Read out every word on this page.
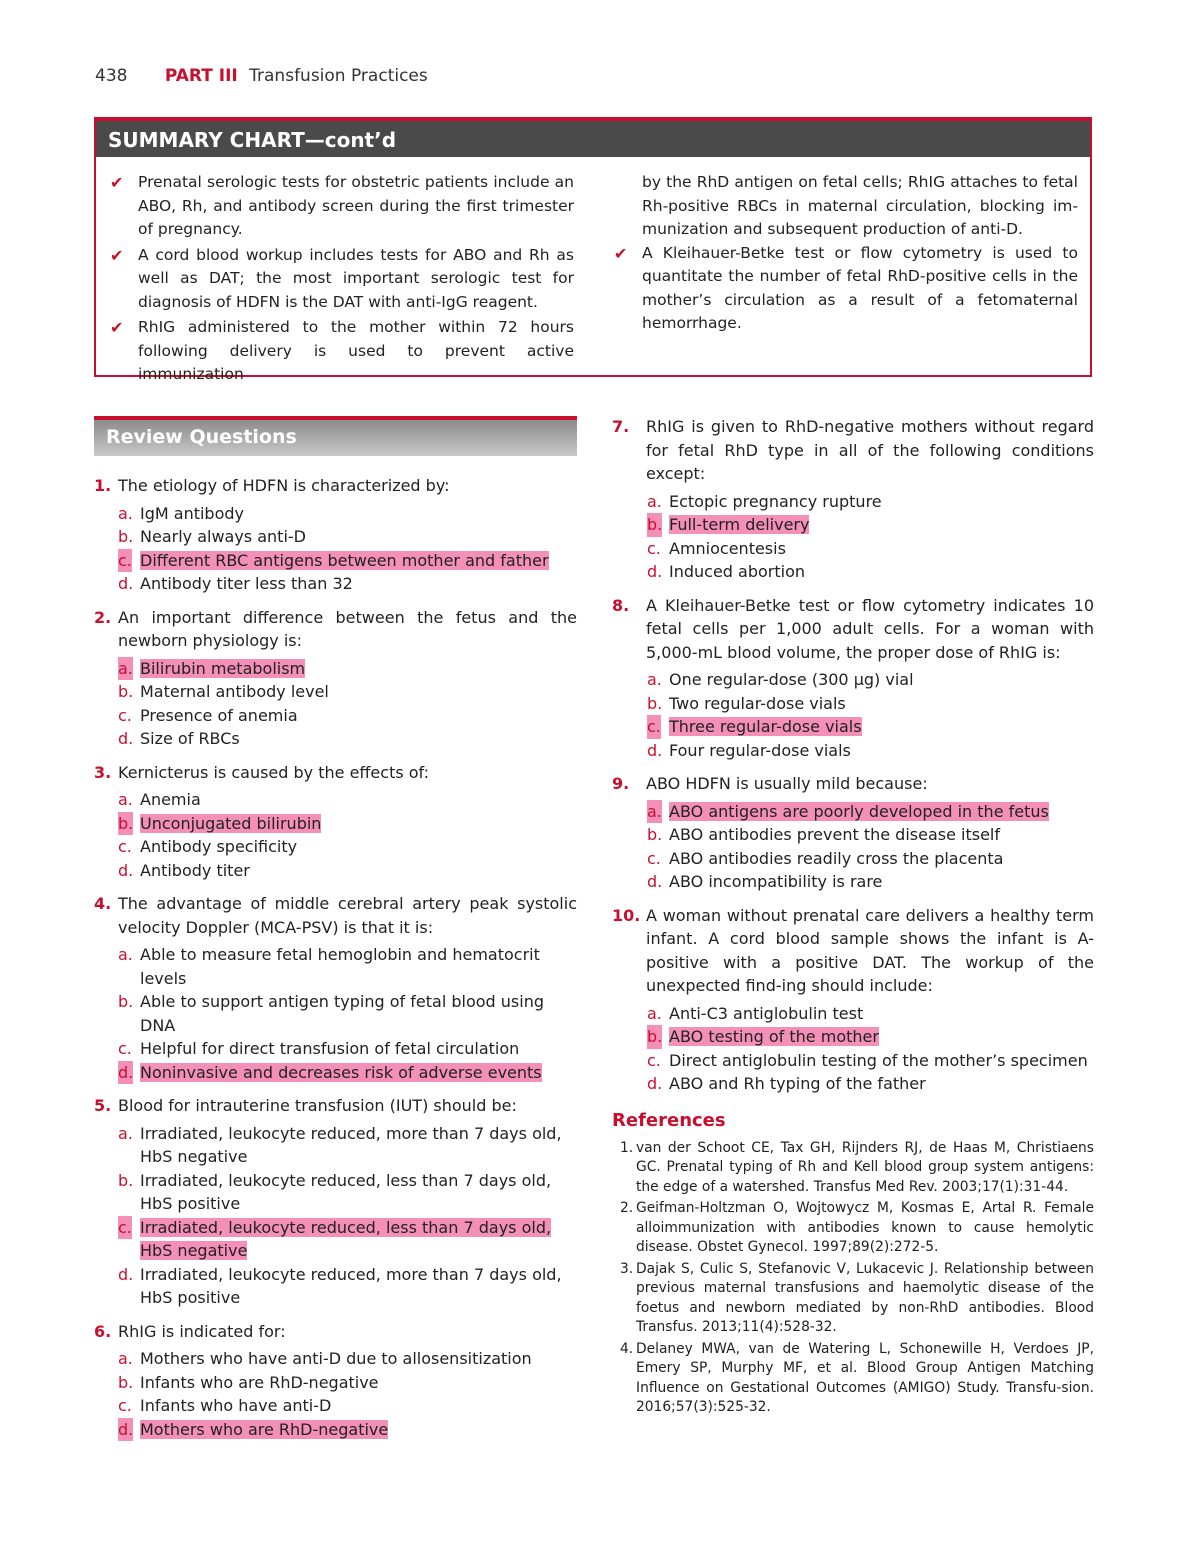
438 PART III Transfusion Practices
SUMMARY CHART—cont’d
✔ Prenatal serologic tests for obstetric patients include an ABO, Rh, and antibody screen during the first trimester of pregnancy.
✔ A cord blood workup includes tests for ABO and Rh as well as DAT; the most important serologic test for diagnosis of HDFN is the DAT with anti-IgG reagent.
✔ RhIG administered to the mother within 72 hours following delivery is used to prevent active immunization
by the RhD antigen on fetal cells; RhIG attaches to fetal Rh-positive RBCs in maternal circulation, blocking im-munization and subsequent production of anti-D.
✔ A Kleihauer-Betke test or flow cytometry is used to quantitate the number of fetal RhD-positive cells in the mother’s circulation as a result of a fetomaternal hemorrhage.
Review Questions
1. The etiology of HDFN is characterized by:
a. IgM antibody
b. Nearly always anti-D
c. Different RBC antigens between mother and father
d. Antibody titer less than 32
2. An important difference between the fetus and the newborn physiology is:
a. Bilirubin metabolism
b. Maternal antibody level
c. Presence of anemia
d. Size of RBCs
3. Kernicterus is caused by the effects of:
a. Anemia
b. Unconjugated bilirubin
c. Antibody specificity
d. Antibody titer
4. The advantage of middle cerebral artery peak systolic velocity Doppler (MCA-PSV) is that it is:
a. Able to measure fetal hemoglobin and hematocrit levels
b. Able to support antigen typing of fetal blood using DNA
c. Helpful for direct transfusion of fetal circulation
d. Noninvasive and decreases risk of adverse events
5. Blood for intrauterine transfusion (IUT) should be:
a. Irradiated, leukocyte reduced, more than 7 days old, HbS negative
b. Irradiated, leukocyte reduced, less than 7 days old, HbS positive
c. Irradiated, leukocyte reduced, less than 7 days old, HbS negative
d. Irradiated, leukocyte reduced, more than 7 days old, HbS positive
6. RhIG is indicated for:
a. Mothers who have anti-D due to allosensitization
b. Infants who are RhD-negative
c. Infants who have anti-D
d. Mothers who are RhD-negative
7. RhIG is given to RhD-negative mothers without regard for fetal RhD type in all of the following conditions except:
a. Ectopic pregnancy rupture
b. Full-term delivery
c. Amniocentesis
d. Induced abortion
8. A Kleihauer-Betke test or flow cytometry indicates 10 fetal cells per 1,000 adult cells. For a woman with 5,000-mL blood volume, the proper dose of RhIG is:
a. One regular-dose (300 μg) vial
b. Two regular-dose vials
c. Three regular-dose vials
d. Four regular-dose vials
9. ABO HDFN is usually mild because:
a. ABO antigens are poorly developed in the fetus
b. ABO antibodies prevent the disease itself
c. ABO antibodies readily cross the placenta
d. ABO incompatibility is rare
10. A woman without prenatal care delivers a healthy term infant. A cord blood sample shows the infant is A-positive with a positive DAT. The workup of the unexpected find-ing should include:
a. Anti-C3 antiglobulin test
b. ABO testing of the mother
c. Direct antiglobulin testing of the mother’s specimen
d. ABO and Rh typing of the father
References
1. van der Schoot CE, Tax GH, Rijnders RJ, de Haas M, Christiaens GC. Prenatal typing of Rh and Kell blood group system antigens: the edge of a watershed. Transfus Med Rev. 2003;17(1):31-44.
2. Geifman-Holtzman O, Wojtowycz M, Kosmas E, Artal R. Female alloimmunization with antibodies known to cause hemolytic disease. Obstet Gynecol. 1997;89(2):272-5.
3. Dajak S, Culic S, Stefanovic V, Lukacevic J. Relationship between previous maternal transfusions and haemolytic disease of the foetus and newborn mediated by non-RhD antibodies. Blood Transfus. 2013;11(4):528-32.
4. Delaney MWA, van de Watering L, Schonewille H, Verdoes JP, Emery SP, Murphy MF, et al. Blood Group Antigen Matching Influence on Gestational Outcomes (AMIGO) Study. Transfu-sion. 2016;57(3):525-32.
